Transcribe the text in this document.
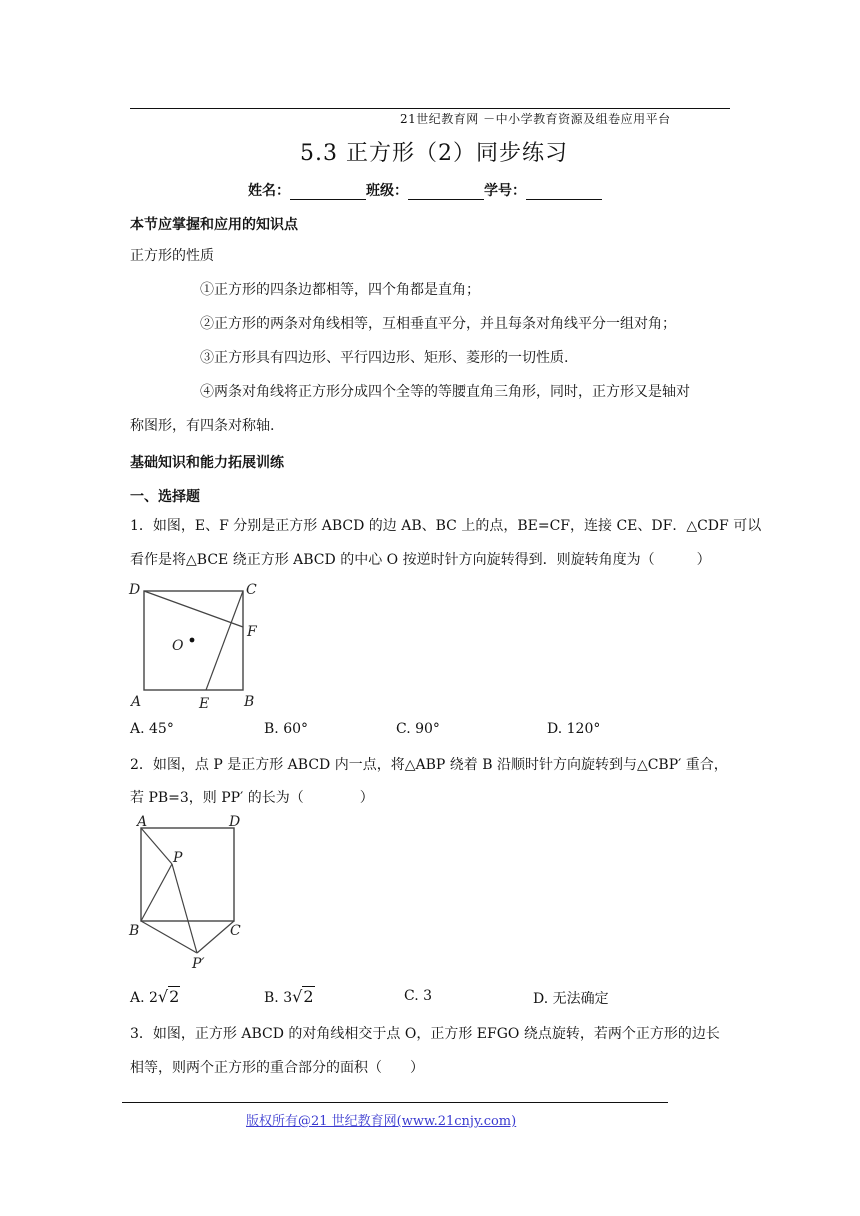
21世纪教育网 －中小学教育资源及组卷应用平台
5.3 正方形（2）同步练习
姓名：	班级：	学号：
本节应掌握和应用的知识点
正方形的性质
①正方形的四条边都相等，四个角都是直角；
②正方形的两条对角线相等，互相垂直平分，并且每条对角线平分一组对角；
③正方形具有四边形、平行四边形、矩形、菱形的一切性质.
④两条对角线将正方形分成四个全等的等腰直角三角形，同时，正方形又是轴对
称图形，有四条对称轴.
基础知识和能力拓展训练
一、选择题
1．如图，E、F 分别是正方形 ABCD 的边 AB、BC 上的点，BE=CF，连接 CE、DF．△CDF 可以
看作是将△BCE 绕正方形 ABCD 的中心 O 按逆时针方向旋转得到．则旋转角度为（　　　）
D	C
O
F
A	E B
A. 45°	B. 60°	C. 90°	D. 120°
2．如图，点 P 是正方形 ABCD 内一点，将△ABP 绕着 B 沿顺时针方向旋转到与△CBP′ 重合，
若 PB=3，则 PP′ 的长为（　　　　）
A	D
P
B	C
P′
A. 2√2	B. 3√2	C. 3	D. 无法确定
3．如图，正方形 ABCD 的对角线相交于点 O，正方形 EFGO 绕点旋转，若两个正方形的边长
相等，则两个正方形的重合部分的面积（　　）
版权所有@21 世纪教育网(www.21cnjy.com)
